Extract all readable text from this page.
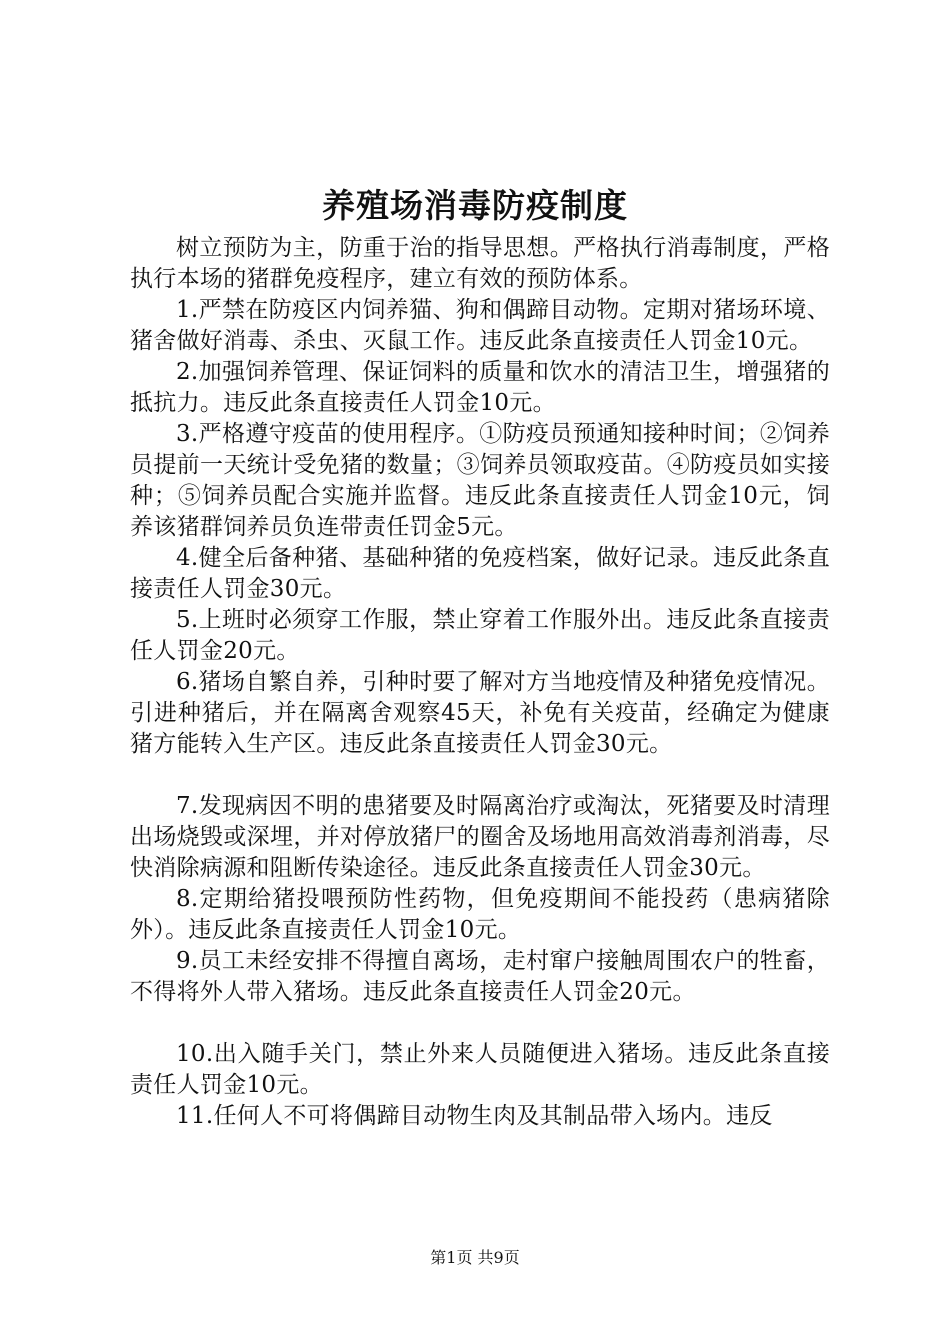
养殖场消毒防疫制度

树立预防为主，防重于治的指导思想。严格执行消毒制度，严格执行本场的猪群免疫程序，建立有效的预防体系。

1.严禁在防疫区内饲养猫、狗和偶蹄目动物。定期对猪场环境、猪舍做好消毒、杀虫、灭鼠工作。违反此条直接责任人罚金10元。

2.加强饲养管理、保证饲料的质量和饮水的清洁卫生，增强猪的抵抗力。违反此条直接责任人罚金10元。

3.严格遵守疫苗的使用程序。①防疫员预通知接种时间；②饲养员提前一天统计受免猪的数量；③饲养员领取疫苗。④防疫员如实接种；⑤饲养员配合实施并监督。违反此条直接责任人罚金10元，饲养该猪群饲养员负连带责任罚金5元。

4.健全后备种猪、基础种猪的免疫档案，做好记录。违反此条直接责任人罚金30元。

5.上班时必须穿工作服，禁止穿着工作服外出。违反此条直接责任人罚金20元。

6.猪场自繁自养，引种时要了解对方当地疫情及种猪免疫情况。引进种猪后，并在隔离舍观察45天，补免有关疫苗，经确定为健康猪方能转入生产区。违反此条直接责任人罚金30元。

7.发现病因不明的患猪要及时隔离治疗或淘汰，死猪要及时清理出场烧毁或深埋，并对停放猪尸的圈舍及场地用高效消毒剂消毒，尽快消除病源和阻断传染途径。违反此条直接责任人罚金30元。

8.定期给猪投喂预防性药物，但免疫期间不能投药（患病猪除外）。违反此条直接责任人罚金10元。

9.员工未经安排不得擅自离场，走村窜户接触周围农户的牲畜，不得将外人带入猪场。违反此条直接责任人罚金20元。

10.出入随手关门，禁止外来人员随便进入猪场。违反此条直接责任人罚金10元。

11.任何人不可将偶蹄目动物生肉及其制品带入场内。违反

第1页 共9页
